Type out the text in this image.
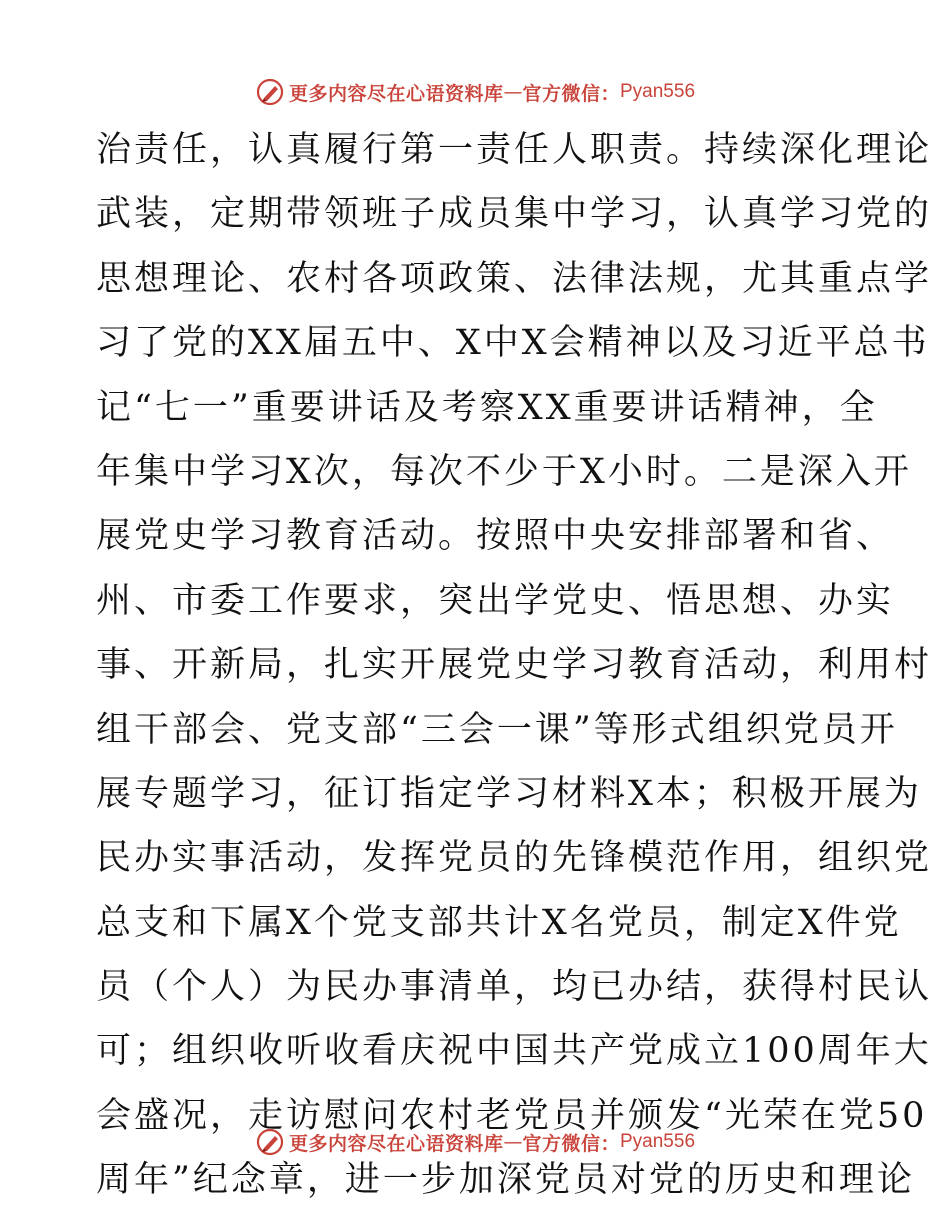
更多内容尽在心语资料库 — 官方微信： Pyan556
治责任，认真履行第一责任人职责。持续深化理论
武装，定期带领班子成员集中学习，认真学习党的
思想理论、农村各项政策、法律法规，尤其重点学
习了党的XX届五中、X中X会精神以及习近平总书
记“七一”重要讲话及考察XX重要讲话精神，全
年集中学习X次，每次不少于X小时。二是深入开
展党史学习教育活动。按照中央安排部署和省、
州、市委工作要求，突出学党史、悟思想、办实
事、开新局，扎实开展党史学习教育活动，利用村
组干部会、党支部“三会一课”等形式组织党员开
展专题学习，征订指定学习材料X本；积极开展为
民办实事活动，发挥党员的先锋模范作用，组织党
总支和下属X个党支部共计X名党员，制定X件党
员（个人）为民办事清单，均已办结，获得村民认
可；组织收听收看庆祝中国共产党成立100周年大
会盛况，走访慰问农村老党员并颁发“光荣在党50
周年”纪念章，进一步加深党员对党的历史和理论
更多内容尽在心语资料库 — 官方微信： Pyan556
